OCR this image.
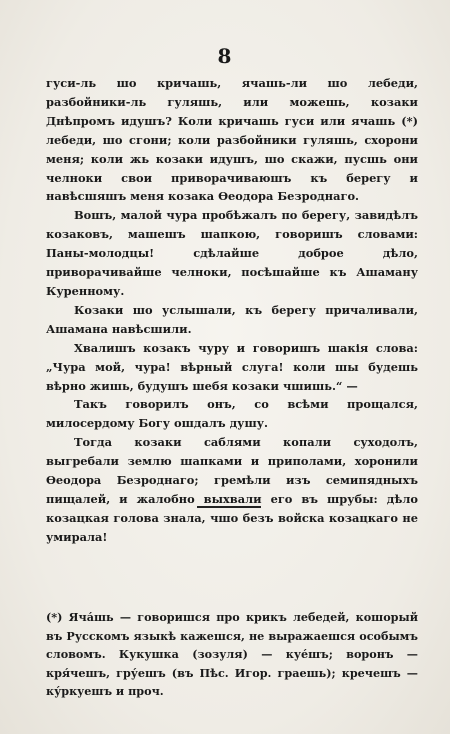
8

гуси-ль шо кричашь, ячашь-ли шо лебеди, разбойники-ль гуляшь, или можешь, козаки Днѣпромъ идушъ? Коли кричашь гуси или ячашь (*) лебеди, шо сгони; коли разбойники гуляшь, схорони меня; коли жь козаки идушъ, шо скажи, пусшь они челноки свои приворачиваюшъ къ берегу и навѣсшяшъ меня козака Ѳеодора Безроднаго.

Вошъ, малой чура пробѣжалъ по берегу, завидѣлъ козаковъ, машешъ шапкою, говоришъ словами: Паны-молодцы! сдѣлайше доброе дѣло, приворачивайше челноки, посѣшайше къ Ашаману Куренному.

Козаки шо услышали, къ берегу причаливали, Ашамана навѣсшили.

Хвалишъ козакъ чуру и говоришъ шакія слова: „Чура мой, чура! вѣрный слуга! коли шы будешь вѣрно жишь, будушъ шебя козаки чшишь.“ —

Такъ говорилъ онъ, со всѣми прощался, милосердому Богу ошдалъ душу.

Тогда козаки саблями копали суходолъ, выгребали землю шапками и приполами, хоронили Ѳеодора Безроднаго; гремѣли изъ семипядныхъ пищалей, и жалобно выхвали его въ шрубы: дѣло козацкая голова знала, чшо безъ войска козацкаго не умирала!

(*) Яча́шь — говоришся про крикъ лебедей, кошорый въ Русскомъ языкѣ кажешся, не выражаешся особымъ словомъ. Кукушка (зозуля) — куе́шъ; воронъ — кря́чешъ, гру́ешъ (въ Пѣс. Игор. граешь); кречешъ — ку́ркуешъ и проч.
